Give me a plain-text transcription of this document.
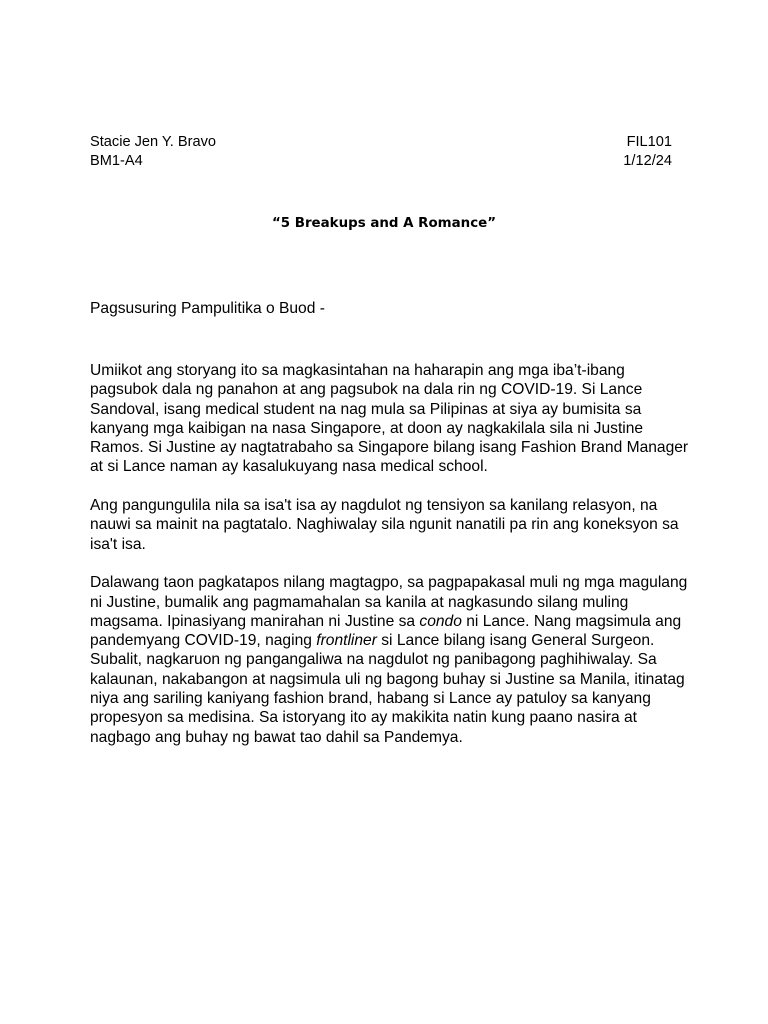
Stacie Jen Y. Bravo	FIL101
BM1-A4	1/12/24
“5 Breakups and A Romance”
Pagsusuring Pampulitika o Buod -

Umiikot ang storyang ito sa magkasintahan na haharapin ang mga iba’t-ibang pagsubok dala ng panahon at ang pagsubok na dala rin ng COVID-19. Si Lance Sandoval, isang medical student na nag mula sa Pilipinas at siya ay bumisita sa kanyang mga kaibigan na nasa Singapore, at doon ay nagkakilala sila ni Justine Ramos. Si Justine ay nagtatrabaho sa Singapore bilang isang Fashion Brand Manager at si Lance naman ay kasalukuyang nasa medical school.

Ang pangungulila nila sa isa't isa ay nagdulot ng tensiyon sa kanilang relasyon, na nauwi sa mainit na pagtatalo. Naghiwalay sila ngunit nanatili pa rin ang koneksyon sa isa't isa.

Dalawang taon pagkatapos nilang magtagpo, sa pagpapakasal muli ng mga magulang ni Justine, bumalik ang pagmamahalan sa kanila at nagkasundo silang muling magsama. Ipinasiyang manirahan ni Justine sa condo ni Lance. Nang magsimula ang pandemyang COVID-19, naging frontliner si Lance bilang isang General Surgeon. Subalit, nagkaruon ng pangangaliwa na nagdulot ng panibagong paghihiwalay. Sa kalaunan, nakabangon at nagsimula uli ng bagong buhay si Justine sa Manila, itinatag niya ang sariling kaniyang fashion brand, habang si Lance ay patuloy sa kanyang propesyon sa medisina. Sa istoryang ito ay makikita natin kung paano nasira at nagbago ang buhay ng bawat tao dahil sa Pandemya.
